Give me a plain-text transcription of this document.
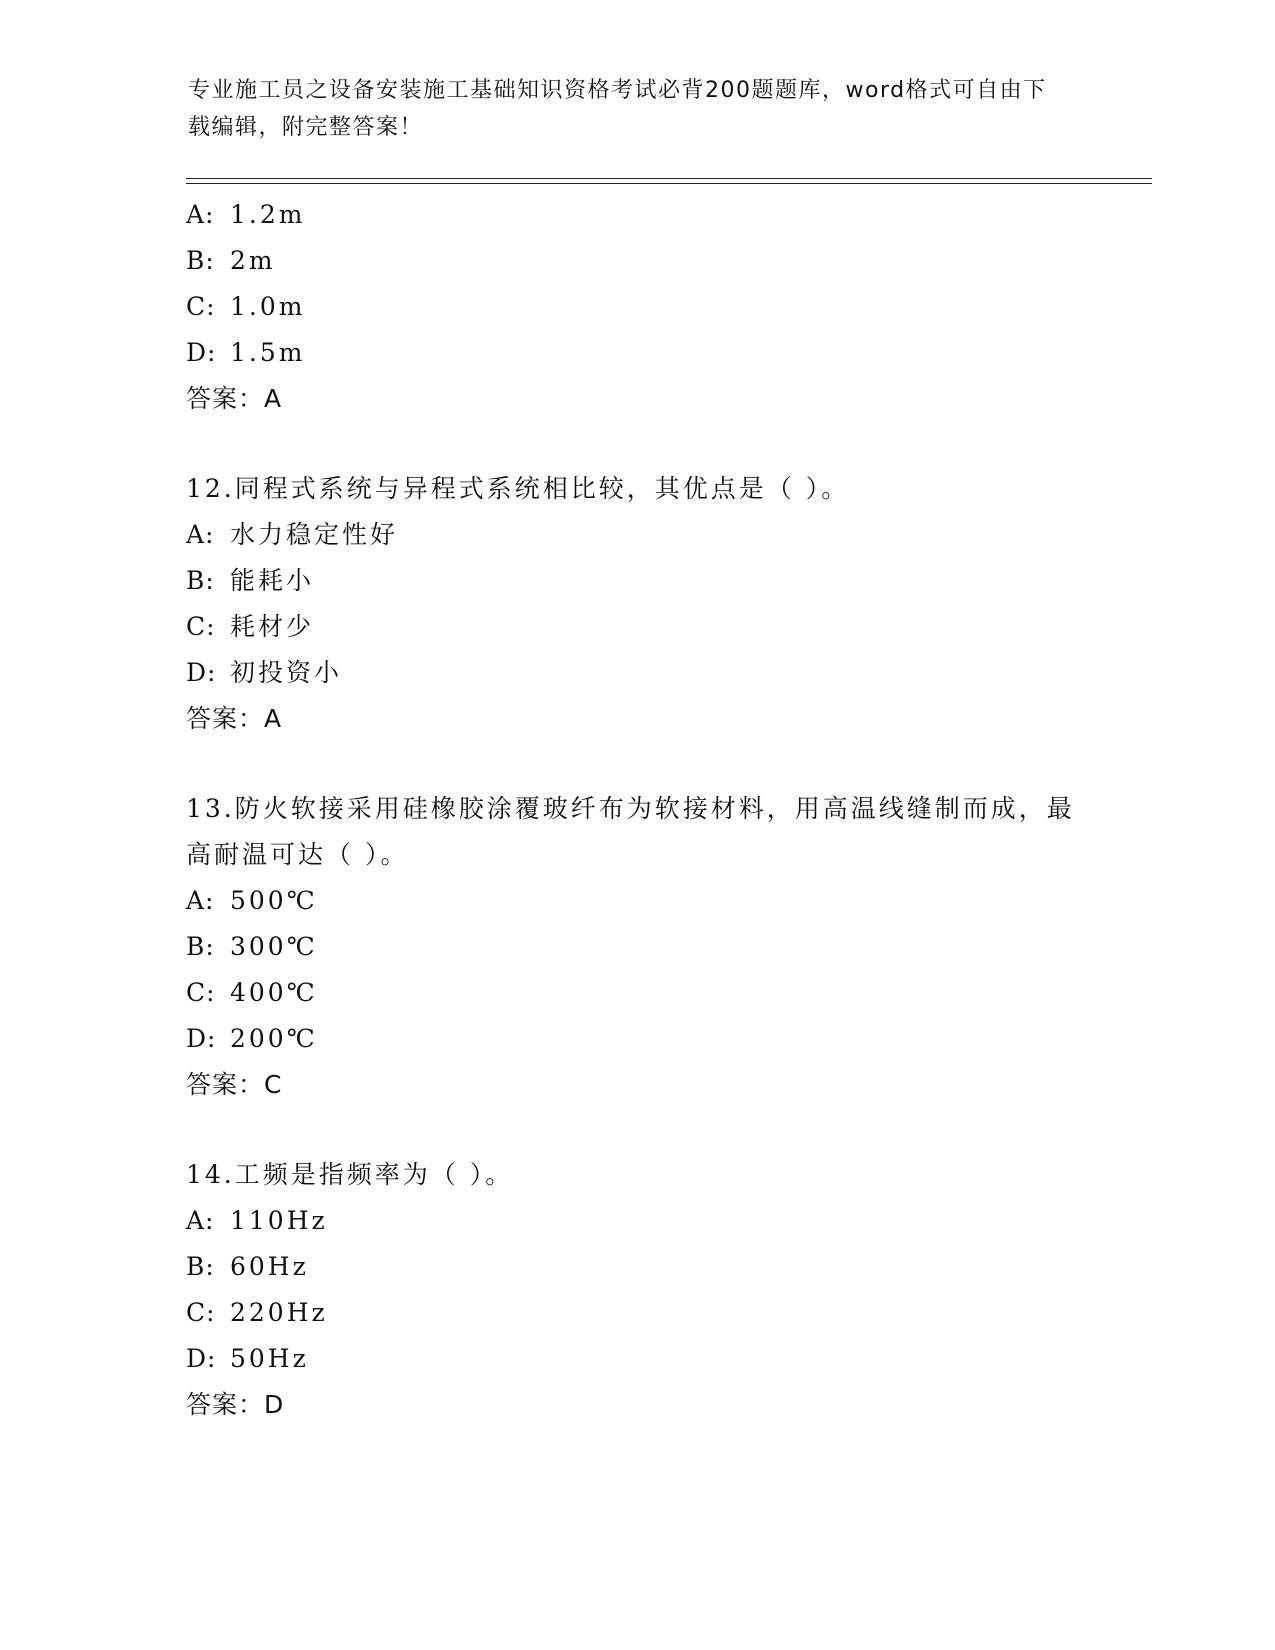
专业施工员之设备安装施工基础知识资格考试必背200题题库，word格式可自由下载编辑，附完整答案！
A: 1.2m
B: 2m
C: 1.0m
D: 1.5m
答案：A

12.同程式系统与异程式系统相比较，其优点是（ ）。

A: 水力稳定性好
B: 能耗小
C: 耗材少
D: 初投资小
答案：A

13.防火软接采用硅橡胶涂覆玻纤布为软接材料，用高温线缝制而成，最高耐温可达（ ）。

A: 500℃
B: 300℃
C: 400℃
D: 200℃
答案：C

14.工频是指频率为（ ）。

A: 110Hz
B: 60Hz
C: 220Hz
D: 50Hz
答案：D
